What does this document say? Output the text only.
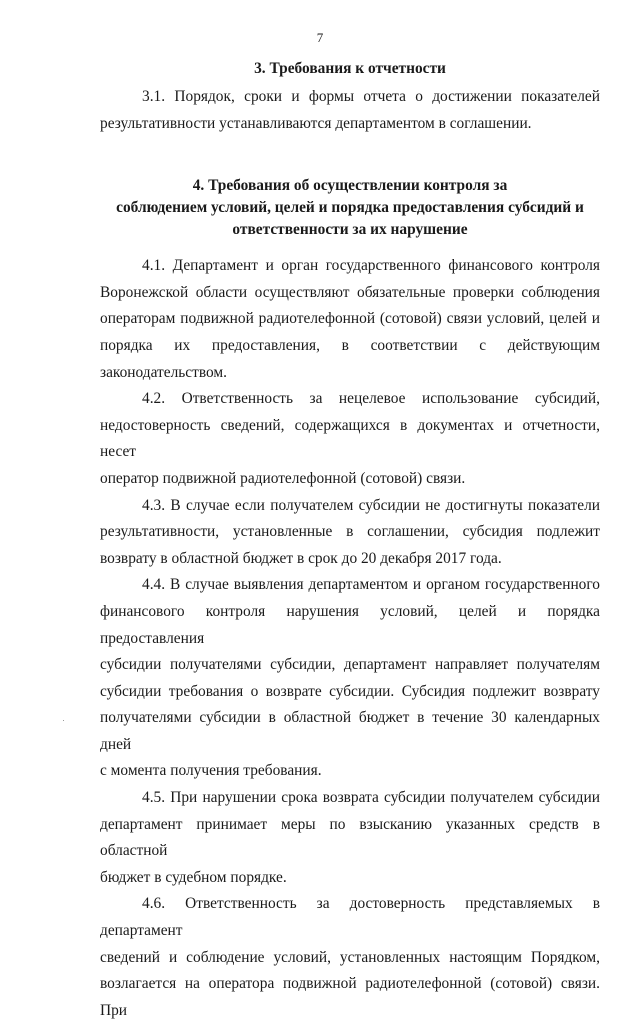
7
3. Требования к отчетности
3.1. Порядок, сроки и формы отчета о достижении показателей
результативности устанавливаются департаментом в соглашении.
4. Требования об осуществлении контроля за
соблюдением условий, целей и порядка предоставления субсидий и
ответственности за их нарушение
4.1. Департамент и орган государственного финансового контроля
Воронежской области осуществляют обязательные проверки соблюдения
операторам подвижной радиотелефонной (сотовой) связи условий, целей и
порядка их предоставления, в соответствии с действующим
законодательством.
4.2. Ответственность за нецелевое использование субсидий,
недостоверность сведений, содержащихся в документах и отчетности, несет
оператор подвижной радиотелефонной (сотовой) связи.
4.3. В случае если получателем субсидии не достигнуты показатели
результативности, установленные в соглашении, субсидия подлежит
возврату в областной бюджет в срок до 20 декабря 2017 года.
4.4. В случае выявления департаментом и органом государственного
финансового контроля нарушения условий, целей и порядка предоставления
субсидии получателями субсидии, департамент направляет получателям
субсидии требования о возврате субсидии. Субсидия подлежит возврату
получателями субсидии в областной бюджет в течение 30 календарных дней
с момента получения требования.
4.5. При нарушении срока возврата субсидии получателем субсидии
департамент принимает меры по взысканию указанных средств в областной
бюджет в судебном порядке.
4.6. Ответственность за достоверность представляемых в департамент
сведений и соблюдение условий, установленных настоящим Порядком,
возлагается на оператора подвижной радиотелефонной (сотовой) связи. При
